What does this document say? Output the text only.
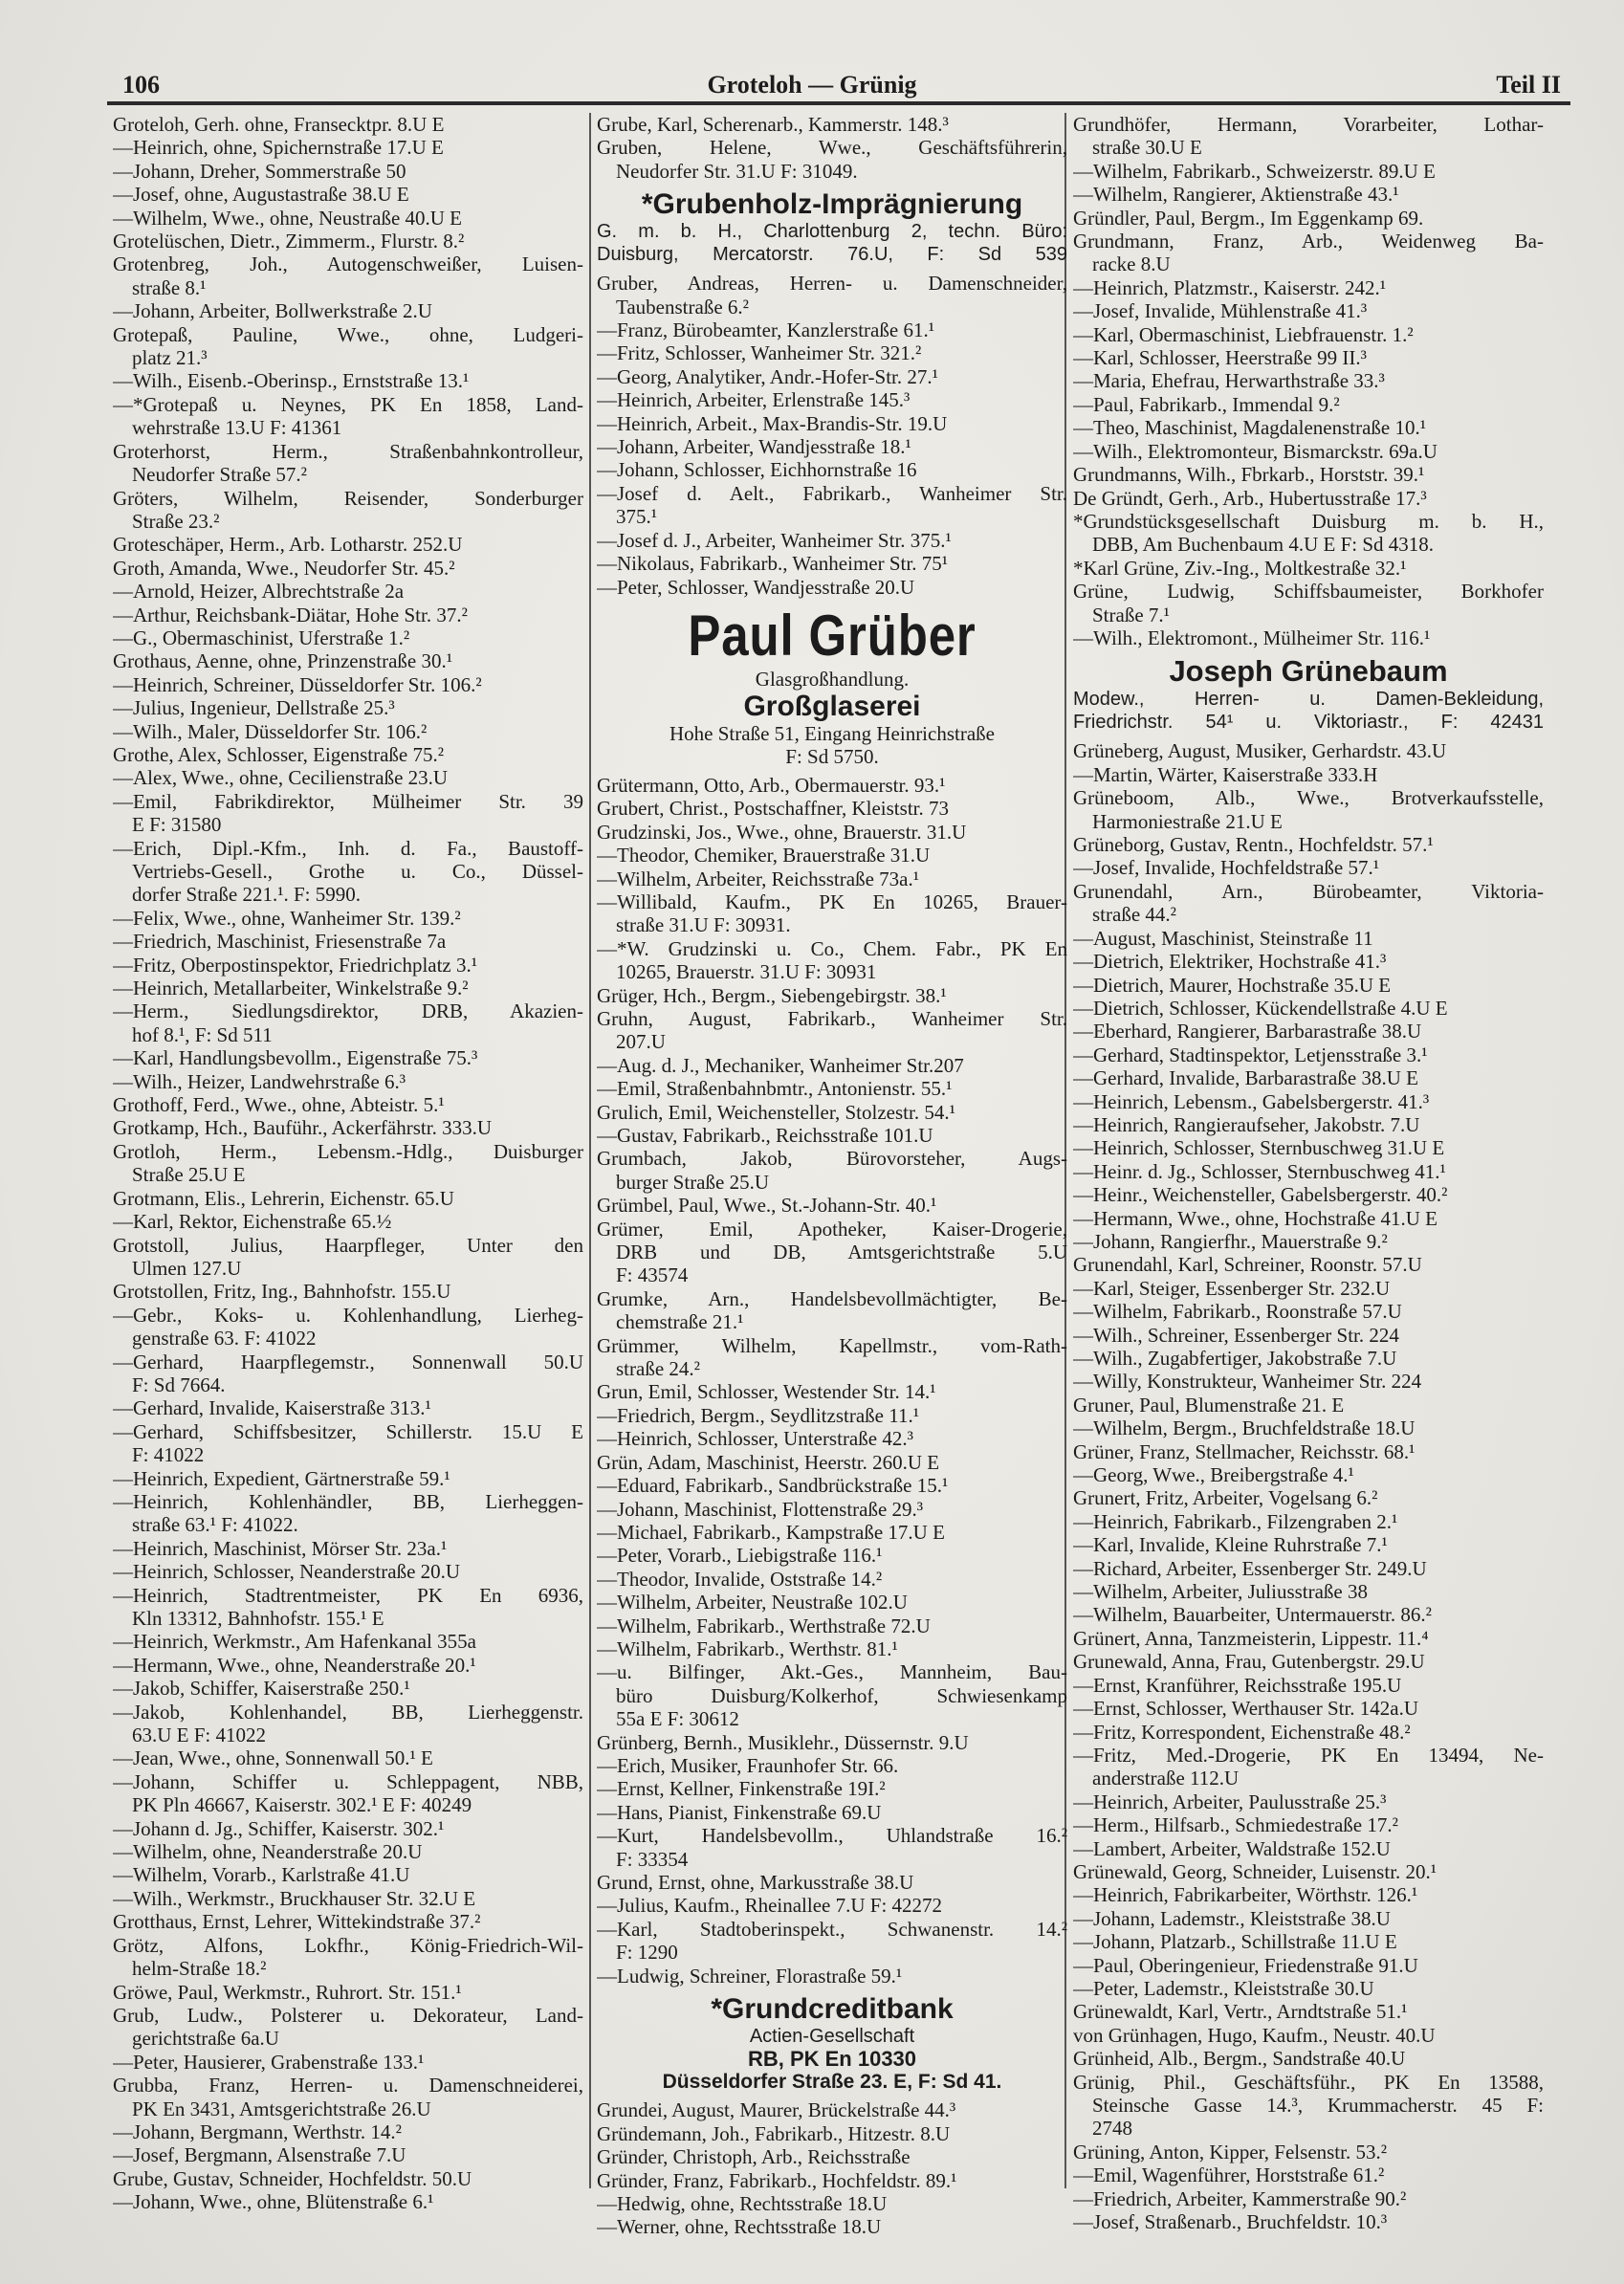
106	Groteloh — Grünig	Teil II
Groteloh, Gerh. ohne, Fransecktpr. 8.U E
—Heinrich, ohne, Spichernstraße 17.U E
—Johann, Dreher, Sommerstraße 50
—Josef, ohne, Augustastraße 38.U E
—Wilhelm, Wwe., ohne, Neustraße 40.U E
Grotelüschen, Dietr., Zimmerm., Flurstr. 8.²
Grotenbreg, Joh., Autogenschweißer, Luisen-
straße 8.¹
—Johann, Arbeiter, Bollwerkstraße 2.U
Grotepaß, Pauline, Wwe., ohne, Ludgeri-
platz 21.³
—Wilh., Eisenb.-Oberinsp., Ernststraße 13.¹
—*Grotepaß u. Neynes, PK En 1858, Land-
wehrstraße 13.U F: 41361
Groterhorst, Herm., Straßenbahnkontrolleur,
Neudorfer Straße 57.²
Gröters, Wilhelm, Reisender, Sonderburger
Straße 23.²
Groteschäper, Herm., Arb. Lotharstr. 252.U
Groth, Amanda, Wwe., Neudorfer Str. 45.²
—Arnold, Heizer, Albrechtstraße 2a
—Arthur, Reichsbank-Diätar, Hohe Str. 37.²
—G., Obermaschinist, Uferstraße 1.²
Grothaus, Aenne, ohne, Prinzenstraße 30.¹
—Heinrich, Schreiner, Düsseldorfer Str. 106.²
—Julius, Ingenieur, Dellstraße 25.³
—Wilh., Maler, Düsseldorfer Str. 106.²
Grothe, Alex, Schlosser, Eigenstraße 75.²
—Alex, Wwe., ohne, Cecilienstraße 23.U
—Emil, Fabrikdirektor, Mülheimer Str. 39
E F: 31580
—Erich, Dipl.-Kfm., Inh. d. Fa., Baustoff-
Vertriebs-Gesell., Grothe u. Co., Düssel-
dorfer Straße 221.¹. F: 5990.
—Felix, Wwe., ohne, Wanheimer Str. 139.²
—Friedrich, Maschinist, Friesenstraße 7a
—Fritz, Oberpostinspektor, Friedrichplatz 3.¹
—Heinrich, Metallarbeiter, Winkelstraße 9.²
—Herm., Siedlungsdirektor, DRB, Akazien-
hof 8.¹, F: Sd 511
—Karl, Handlungsbevollm., Eigenstraße 75.³
—Wilh., Heizer, Landwehrstraße 6.³
Grothoff, Ferd., Wwe., ohne, Abteistr. 5.¹
Grotkamp, Hch., Bauführ., Ackerfährstr. 333.U
Grotloh, Herm., Lebensm.-Hdlg., Duisburger
Straße 25.U E
Grotmann, Elis., Lehrerin, Eichenstr. 65.U
—Karl, Rektor, Eichenstraße 65.½
Grotstoll, Julius, Haarpfleger, Unter den
Ulmen 127.U
Grotstollen, Fritz, Ing., Bahnhofstr. 155.U
—Gebr., Koks- u. Kohlenhandlung, Lierheg-
genstraße 63. F: 41022
—Gerhard, Haarpflegemstr., Sonnenwall 50.U
F: Sd 7664.
—Gerhard, Invalide, Kaiserstraße 313.¹
—Gerhard, Schiffsbesitzer, Schillerstr. 15.U E
F: 41022
—Heinrich, Expedient, Gärtnerstraße 59.¹
—Heinrich, Kohlenhändler, BB, Lierheggen-
straße 63.¹ F: 41022.
—Heinrich, Maschinist, Mörser Str. 23a.¹
—Heinrich, Schlosser, Neanderstraße 20.U
—Heinrich, Stadtrentmeister, PK En 6936,
Kln 13312, Bahnhofstr. 155.¹ E
—Heinrich, Werkmstr., Am Hafenkanal 355a
—Hermann, Wwe., ohne, Neanderstraße 20.¹
—Jakob, Schiffer, Kaiserstraße 250.¹
—Jakob, Kohlenhandel, BB, Lierheggenstr.
63.U E F: 41022
—Jean, Wwe., ohne, Sonnenwall 50.¹ E
—Johann, Schiffer u. Schleppagent, NBB,
PK Pln 46667, Kaiserstr. 302.¹ E F: 40249
—Johann d. Jg., Schiffer, Kaiserstr. 302.¹
—Wilhelm, ohne, Neanderstraße 20.U
—Wilhelm, Vorarb., Karlstraße 41.U
—Wilh., Werkmstr., Bruckhauser Str. 32.U E
Grotthaus, Ernst, Lehrer, Wittekindstraße 37.²
Grötz, Alfons, Lokfhr., König-Friedrich-Wil-
helm-Straße 18.²
Gröwe, Paul, Werkmstr., Ruhrort. Str. 151.¹
Grub, Ludw., Polsterer u. Dekorateur, Land-
gerichtstraße 6a.U
—Peter, Hausierer, Grabenstraße 133.¹
Grubba, Franz, Herren- u. Damenschneiderei,
PK En 3431, Amtsgerichtstraße 26.U
—Johann, Bergmann, Werthstr. 14.²
—Josef, Bergmann, Alsenstraße 7.U
Grube, Gustav, Schneider, Hochfeldstr. 50.U
—Johann, Wwe., ohne, Blütenstraße 6.¹
Grube, Karl, Scherenarb., Kammerstr. 148.³
Gruben, Helene, Wwe., Geschäftsführerin,
Neudorfer Str. 31.U F: 31049.
*Grubenholz-Imprägnierung
G. m. b. H., Charlottenburg 2, techn. Büro:
Duisburg, Mercatorstr. 76.U, F: Sd 539
Gruber, Andreas, Herren- u. Damenschneider,
Taubenstraße 6.²
—Franz, Bürobeamter, Kanzlerstraße 61.¹
—Fritz, Schlosser, Wanheimer Str. 321.²
—Georg, Analytiker, Andr.-Hofer-Str. 27.¹
—Heinrich, Arbeiter, Erlenstraße 145.³
—Heinrich, Arbeit., Max-Brandis-Str. 19.U
—Johann, Arbeiter, Wandjesstraße 18.¹
—Johann, Schlosser, Eichhornstraße 16
—Josef d. Aelt., Fabrikarb., Wanheimer Str.
375.¹
—Josef d. J., Arbeiter, Wanheimer Str. 375.¹
—Nikolaus, Fabrikarb., Wanheimer Str. 75¹
—Peter, Schlosser, Wandjesstraße 20.U
Paul Grüber
Glasgroßhandlung.
Großglaserei
Hohe Straße 51, Eingang Heinrichstraße
F: Sd 5750.
Grütermann, Otto, Arb., Obermauerstr. 93.¹
Grubert, Christ., Postschaffner, Kleiststr. 73
Grudzinski, Jos., Wwe., ohne, Brauerstr. 31.U
—Theodor, Chemiker, Brauerstraße 31.U
—Wilhelm, Arbeiter, Reichsstraße 73a.¹
—Willibald, Kaufm., PK En 10265, Brauer-
straße 31.U F: 30931.
—*W. Grudzinski u. Co., Chem. Fabr., PK En
10265, Brauerstr. 31.U F: 30931
Grüger, Hch., Bergm., Siebengebirgstr. 38.¹
Gruhn, August, Fabrikarb., Wanheimer Str.
207.U
—Aug. d. J., Mechaniker, Wanheimer Str.207
—Emil, Straßenbahnbmtr., Antonienstr. 55.¹
Grulich, Emil, Weichensteller, Stolzestr. 54.¹
—Gustav, Fabrikarb., Reichsstraße 101.U
Grumbach, Jakob, Bürovorsteher, Augs-
burger Straße 25.U
Grümbel, Paul, Wwe., St.-Johann-Str. 40.¹
Grümer, Emil, Apotheker, Kaiser-Drogerie,
DRB und DB, Amtsgerichtstraße 5.U
F: 43574
Grumke, Arn., Handelsbevollmächtigter, Be-
chemstraße 21.¹
Grümmer, Wilhelm, Kapellmstr., vom-Rath-
straße 24.²
Grun, Emil, Schlosser, Westender Str. 14.¹
—Friedrich, Bergm., Seydlitzstraße 11.¹
—Heinrich, Schlosser, Unterstraße 42.³
Grün, Adam, Maschinist, Heerstr. 260.U E
—Eduard, Fabrikarb., Sandbrückstraße 15.¹
—Johann, Maschinist, Flottenstraße 29.³
—Michael, Fabrikarb., Kampstraße 17.U E
—Peter, Vorarb., Liebigstraße 116.¹
—Theodor, Invalide, Oststraße 14.²
—Wilhelm, Arbeiter, Neustraße 102.U
—Wilhelm, Fabrikarb., Werthstraße 72.U
—Wilhelm, Fabrikarb., Werthstr. 81.¹
—u. Bilfinger, Akt.-Ges., Mannheim, Bau-
büro Duisburg/Kolkerhof, Schwiesenkamp
55a E F: 30612
Grünberg, Bernh., Musiklehr., Düssernstr. 9.U
—Erich, Musiker, Fraunhofer Str. 66.
—Ernst, Kellner, Finkenstraße 19I.²
—Hans, Pianist, Finkenstraße 69.U
—Kurt, Handelsbevollm., Uhlandstraße 16.²
F: 33354
Grund, Ernst, ohne, Markusstraße 38.U
—Julius, Kaufm., Rheinallee 7.U F: 42272
—Karl, Stadtoberinspekt., Schwanenstr. 14.²
F: 1290
—Ludwig, Schreiner, Florastraße 59.¹
*Grundcreditbank
Actien-Gesellschaft
RB, PK En 10330
Düsseldorfer Straße 23. E, F: Sd 41.
Grundei, August, Maurer, Brückelstraße 44.³
Gründemann, Joh., Fabrikarb., Hitzestr. 8.U
Gründer, Christoph, Arb., Reichsstraße
Gründer, Franz, Fabrikarb., Hochfeldstr. 89.¹
—Hedwig, ohne, Rechtsstraße 18.U
—Werner, ohne, Rechtsstraße 18.U
Grundhöfer, Hermann, Vorarbeiter, Lothar-
straße 30.U E
—Wilhelm, Fabrikarb., Schweizerstr. 89.U E
—Wilhelm, Rangierer, Aktienstraße 43.¹
Gründler, Paul, Bergm., Im Eggenkamp 69.
Grundmann, Franz, Arb., Weidenweg Ba-
racke 8.U
—Heinrich, Platzmstr., Kaiserstr. 242.¹
—Josef, Invalide, Mühlenstraße 41.³
—Karl, Obermaschinist, Liebfrauenstr. 1.²
—Karl, Schlosser, Heerstraße 99 II.³
—Maria, Ehefrau, Herwarthstraße 33.³
—Paul, Fabrikarb., Immendal 9.²
—Theo, Maschinist, Magdalenenstraße 10.¹
—Wilh., Elektromonteur, Bismarckstr. 69a.U
Grundmanns, Wilh., Fbrkarb., Horststr. 39.¹
De Gründt, Gerh., Arb., Hubertusstraße 17.³
*Grundstücksgesellschaft Duisburg m. b. H.,
DBB, Am Buchenbaum 4.U E F: Sd 4318.
*Karl Grüne, Ziv.-Ing., Moltkestraße 32.¹
Grüne, Ludwig, Schiffsbaumeister, Borkhofer
Straße 7.¹
—Wilh., Elektromont., Mülheimer Str. 116.¹
Joseph Grünebaum
Modew., Herren- u. Damen-Bekleidung,
Friedrichstr. 54¹ u. Viktoriastr., F: 42431
Grüneberg, August, Musiker, Gerhardstr. 43.U
—Martin, Wärter, Kaiserstraße 333.H
Grüneboom, Alb., Wwe., Brotverkaufsstelle,
Harmoniestraße 21.U E
Grüneborg, Gustav, Rentn., Hochfeldstr. 57.¹
—Josef, Invalide, Hochfeldstraße 57.¹
Grunendahl, Arn., Bürobeamter, Viktoria-
straße 44.²
—August, Maschinist, Steinstraße 11
—Dietrich, Elektriker, Hochstraße 41.³
—Dietrich, Maurer, Hochstraße 35.U E
—Dietrich, Schlosser, Kückendellstraße 4.U E
—Eberhard, Rangierer, Barbarastraße 38.U
—Gerhard, Stadtinspektor, Letjensstraße 3.¹
—Gerhard, Invalide, Barbarastraße 38.U E
—Heinrich, Lebensm., Gabelsbergerstr. 41.³
—Heinrich, Rangieraufseher, Jakobstr. 7.U
—Heinrich, Schlosser, Sternbuschweg 31.U E
—Heinr. d. Jg., Schlosser, Sternbuschweg 41.¹
—Heinr., Weichensteller, Gabelsbergerstr. 40.²
—Hermann, Wwe., ohne, Hochstraße 41.U E
—Johann, Rangierfhr., Mauerstraße 9.²
Grunendahl, Karl, Schreiner, Roonstr. 57.U
—Karl, Steiger, Essenberger Str. 232.U
—Wilhelm, Fabrikarb., Roonstraße 57.U
—Wilh., Schreiner, Essenberger Str. 224
—Wilh., Zugabfertiger, Jakobstraße 7.U
—Willy, Konstrukteur, Wanheimer Str. 224
Gruner, Paul, Blumenstraße 21. E
—Wilhelm, Bergm., Bruchfeldstraße 18.U
Grüner, Franz, Stellmacher, Reichsstr. 68.¹
—Georg, Wwe., Breibergstraße 4.¹
Grunert, Fritz, Arbeiter, Vogelsang 6.²
—Heinrich, Fabrikarb., Filzengraben 2.¹
—Karl, Invalide, Kleine Ruhrstraße 7.¹
—Richard, Arbeiter, Essenberger Str. 249.U
—Wilhelm, Arbeiter, Juliusstraße 38
—Wilhelm, Bauarbeiter, Untermauerstr. 86.²
Grünert, Anna, Tanzmeisterin, Lippestr. 11.⁴
Grunewald, Anna, Frau, Gutenbergstr. 29.U
—Ernst, Kranführer, Reichsstraße 195.U
—Ernst, Schlosser, Werthauser Str. 142a.U
—Fritz, Korrespondent, Eichenstraße 48.²
—Fritz, Med.-Drogerie, PK En 13494, Ne-
anderstraße 112.U
—Heinrich, Arbeiter, Paulusstraße 25.³
—Herm., Hilfsarb., Schmiedestraße 17.²
—Lambert, Arbeiter, Waldstraße 152.U
Grünewald, Georg, Schneider, Luisenstr. 20.¹
—Heinrich, Fabrikarbeiter, Wörthstr. 126.¹
—Johann, Lademstr., Kleiststraße 38.U
—Johann, Platzarb., Schillstraße 11.U E
—Paul, Oberingenieur, Friedenstraße 91.U
—Peter, Lademstr., Kleiststraße 30.U
Grünewaldt, Karl, Vertr., Arndtstraße 51.¹
von Grünhagen, Hugo, Kaufm., Neustr. 40.U
Grünheid, Alb., Bergm., Sandstraße 40.U
Grünig, Phil., Geschäftsführ., PK En 13588,
Steinsche Gasse 14.³, Krummacherstr. 45 F:
2748
Grüning, Anton, Kipper, Felsenstr. 53.²
—Emil, Wagenführer, Horststraße 61.²
—Friedrich, Arbeiter, Kammerstraße 90.²
—Josef, Straßenarb., Bruchfeldstr. 10.³
